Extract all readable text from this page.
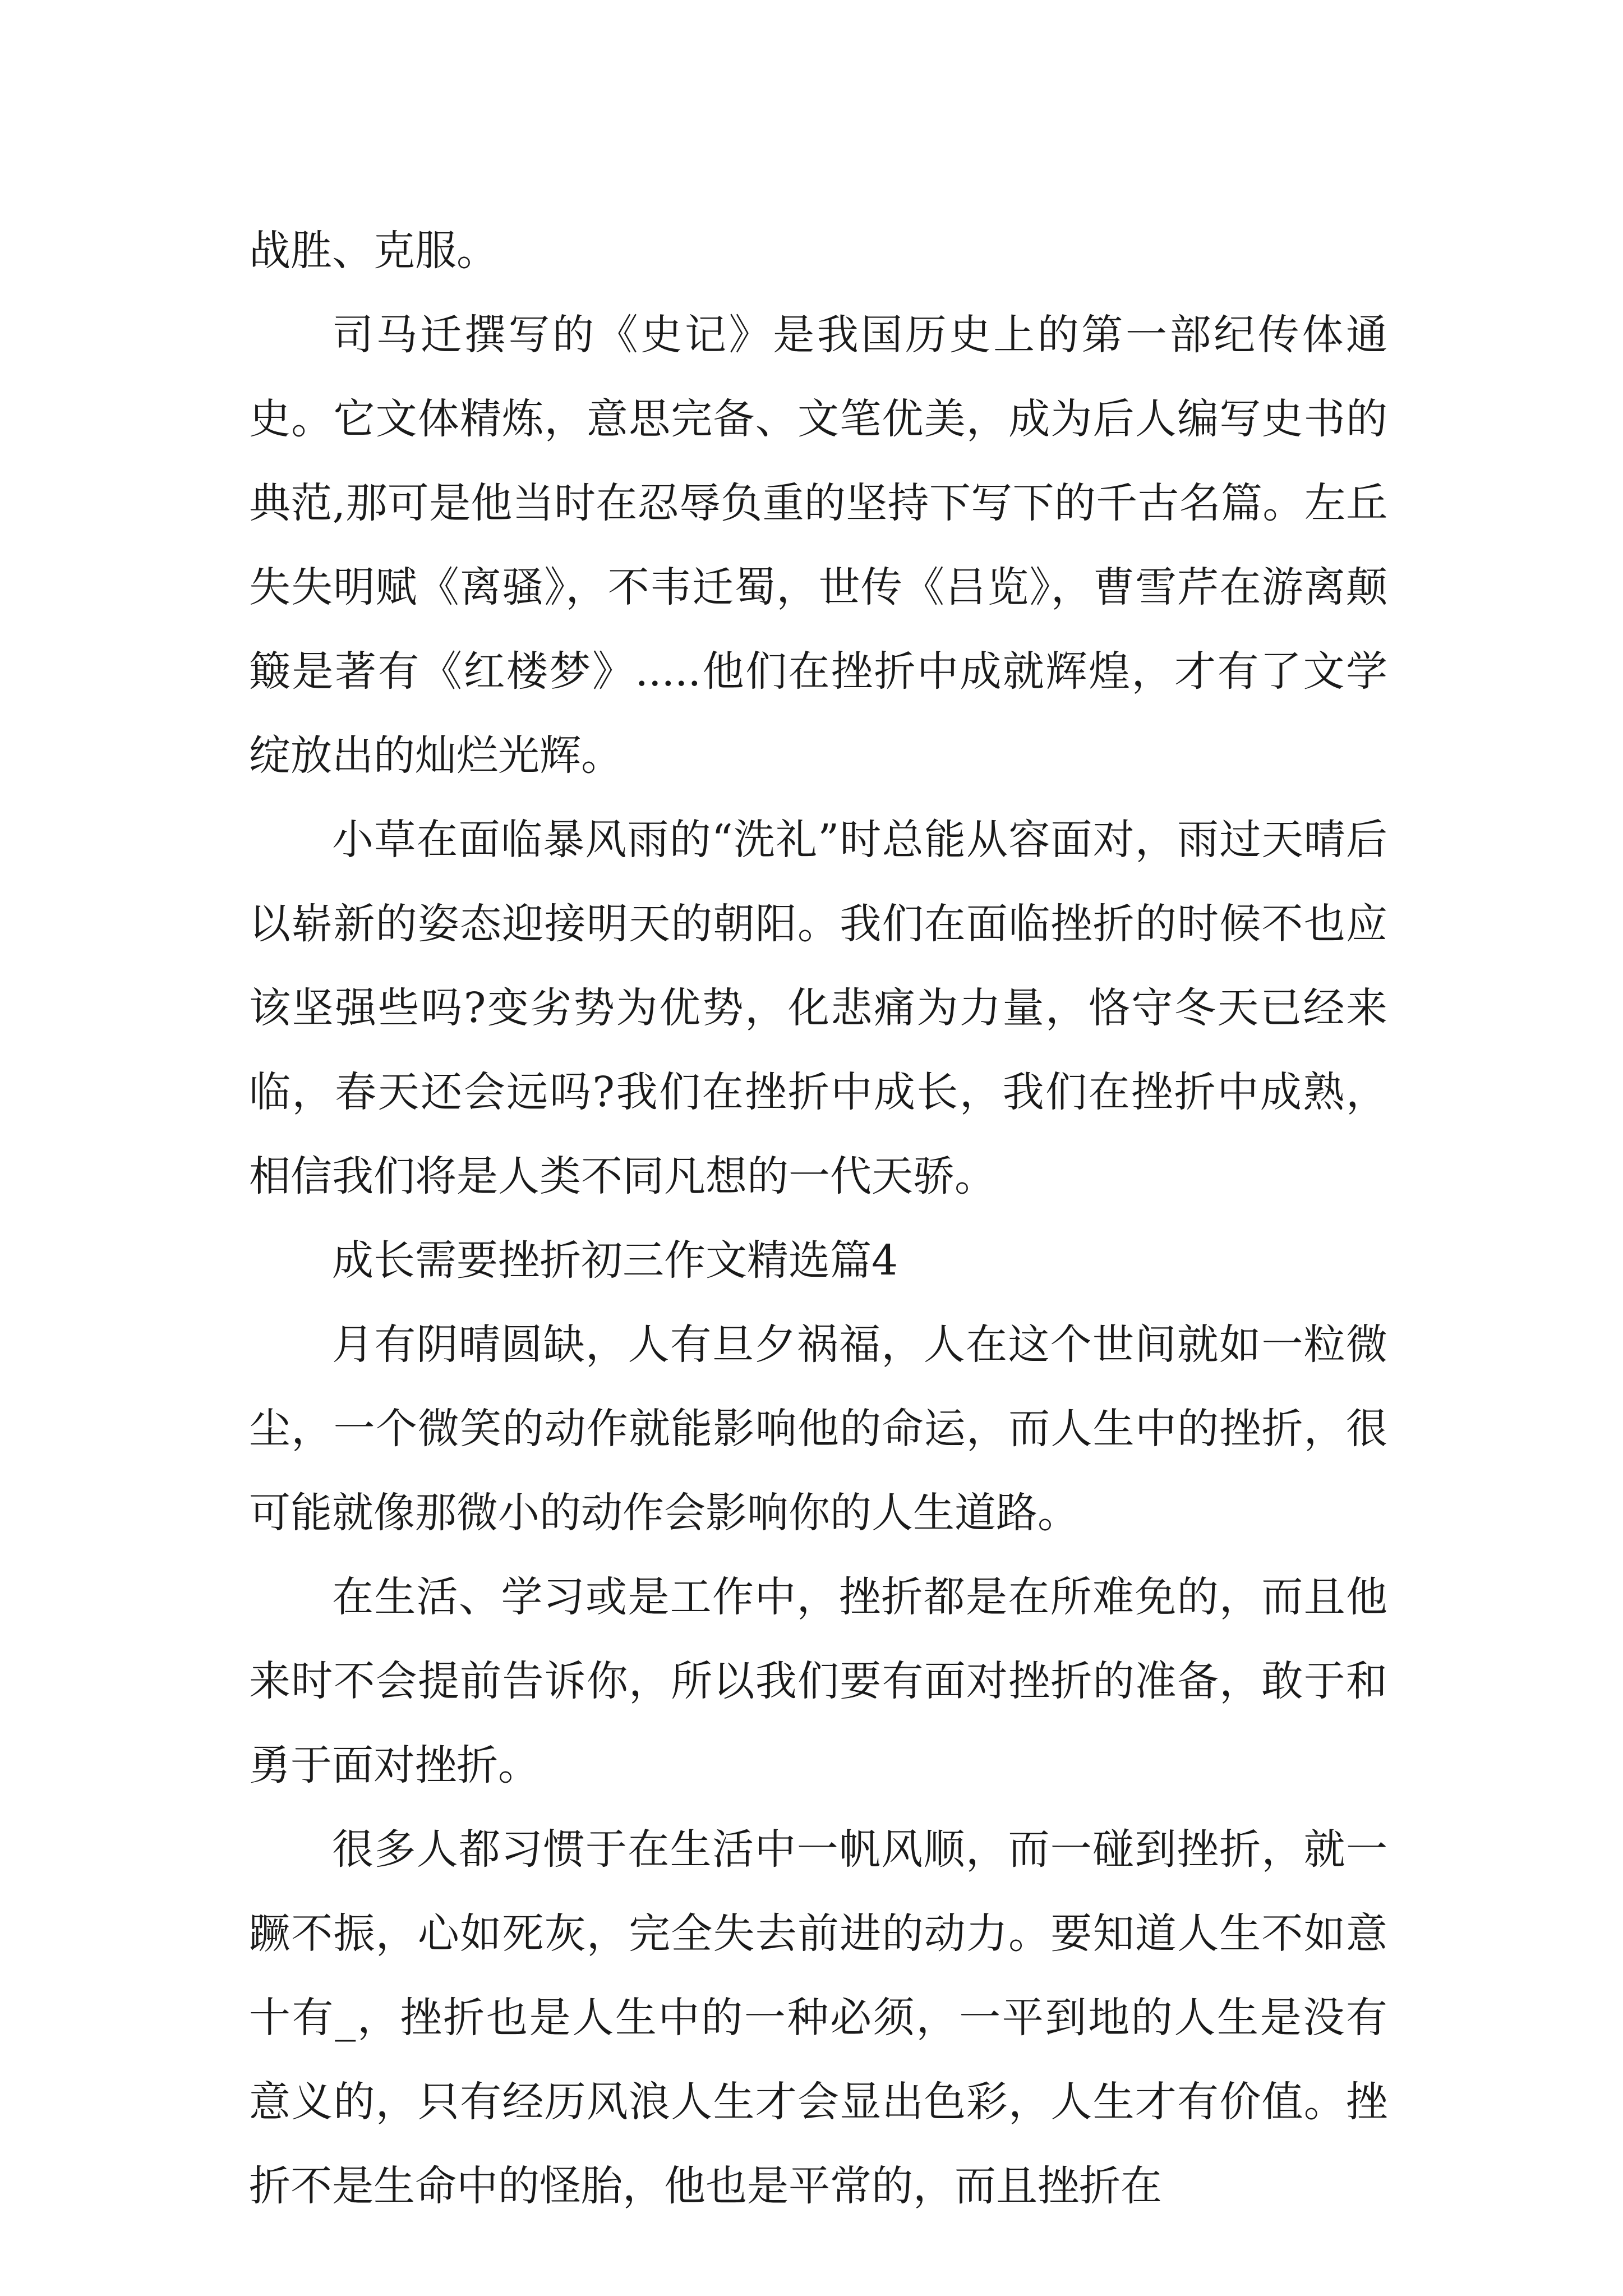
战胜、克服。

司马迁撰写的《史记》是我国历史上的第一部纪传体通史。它文体精炼，意思完备、文笔优美，成为后人编写史书的典范,那可是他当时在忍辱负重的坚持下写下的千古名篇。左丘失失明赋《离骚》，不韦迁蜀，世传《吕览》，曹雪芹在游离颠簸是著有《红楼梦》.....他们在挫折中成就辉煌，才有了文学绽放出的灿烂光辉。

小草在面临暴风雨的“洗礼”时总能从容面对，雨过天晴后以崭新的姿态迎接明天的朝阳。我们在面临挫折的时候不也应该坚强些吗?变劣势为优势，化悲痛为力量，恪守冬天已经来临，春天还会远吗?我们在挫折中成长，我们在挫折中成熟，相信我们将是人类不同凡想的一代天骄。

成长需要挫折初三作文精选篇4

月有阴晴圆缺，人有旦夕祸福，人在这个世间就如一粒微尘，一个微笑的动作就能影响他的命运，而人生中的挫折，很可能就像那微小的动作会影响你的人生道路。

在生活、学习或是工作中，挫折都是在所难免的，而且他来时不会提前告诉你，所以我们要有面对挫折的准备，敢于和勇于面对挫折。

很多人都习惯于在生活中一帆风顺，而一碰到挫折，就一蹶不振，心如死灰，完全失去前进的动力。要知道人生不如意十有_，挫折也是人生中的一种必须，一平到地的人生是没有意义的，只有经历风浪人生才会显出色彩，人生才有价值。挫折不是生命中的怪胎，他也是平常的，而且挫折在
